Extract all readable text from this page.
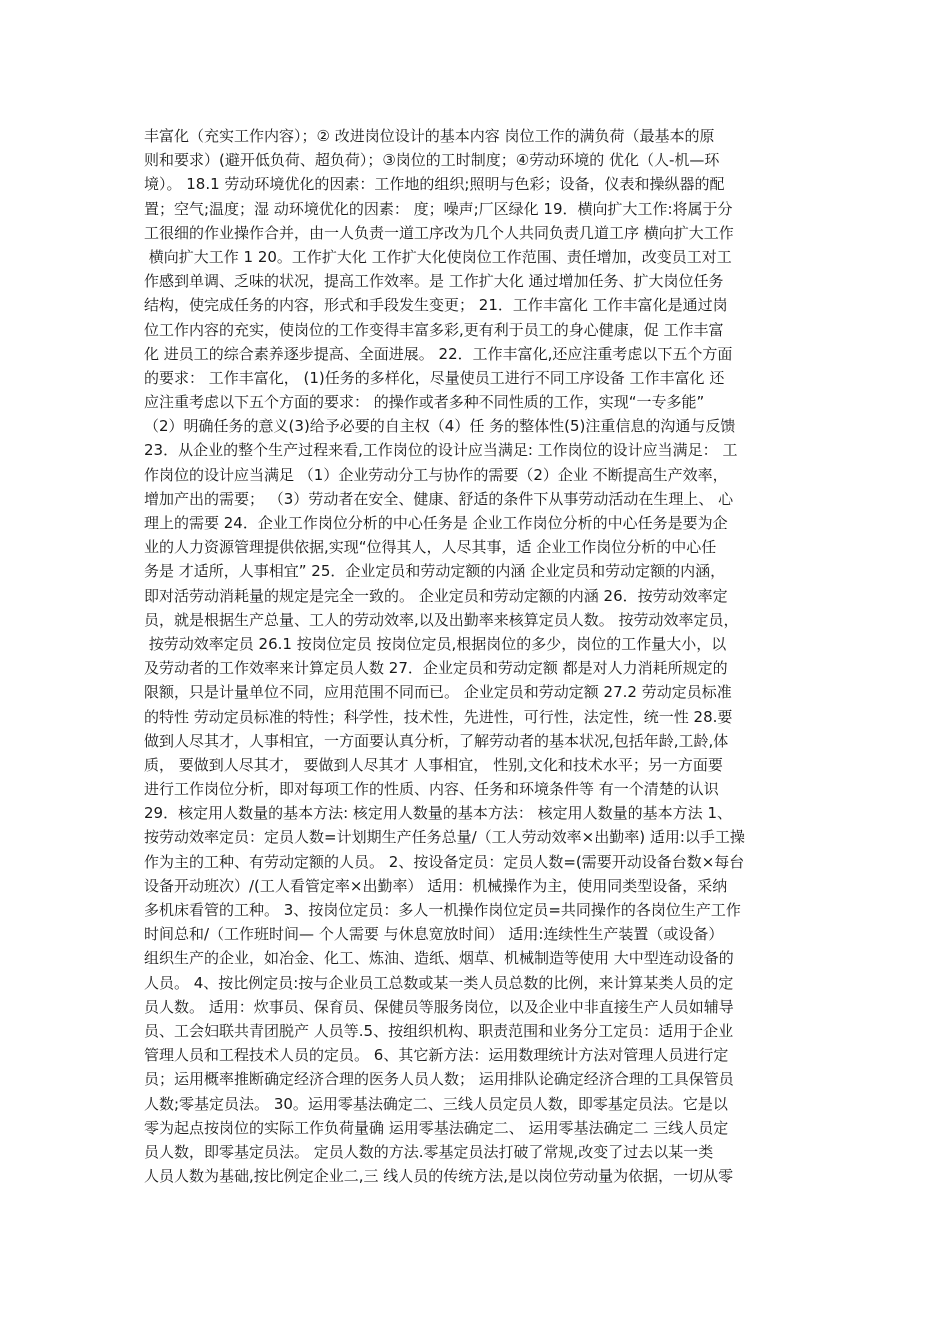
丰富化（充实工作内容）；② 改进岗位设计的基本内容 岗位工作的满负荷（最基本的原
则和要求）(避开低负荷、超负荷）；③岗位的工时制度；④劳动环境的 优化（人-机—环
境）。 18.1 劳动环境优化的因素：工作地的组织;照明与色彩；设备，仪表和操纵器的配
置；空气;温度；湿 动环境优化的因素： 度；噪声;厂区绿化 19．横向扩大工作:将属于分
工很细的作业操作合并，由一人负责一道工序改为几个人共同负责几道工序 横向扩大工作
横向扩大工作 1 20。工作扩大化 工作扩大化使岗位工作范围、责任增加，改变员工对工
作感到单调、乏味的状况，提高工作效率。是 工作扩大化 通过增加任务、扩大岗位任务
结构，使完成任务的内容，形式和手段发生变更； 21．工作丰富化 工作丰富化是通过岗
位工作内容的充实，使岗位的工作变得丰富多彩,更有利于员工的身心健康，促 工作丰富
化 进员工的综合素养逐步提高、全面进展。 22．工作丰富化,还应注重考虑以下五个方面
的要求： 工作丰富化， (1)任务的多样化，尽量使员工进行不同工序设备 工作丰富化 还
应注重考虑以下五个方面的要求： 的操作或者多种不同性质的工作，实现“一专多能”
（2）明确任务的意义(3)给予必要的自主权（4）任 务的整体性(5)注重信息的沟通与反馈
23．从企业的整个生产过程来看,工作岗位的设计应当满足: 工作岗位的设计应当满足： 工
作岗位的设计应当满足 （1）企业劳动分工与协作的需要（2）企业 不断提高生产效率，
增加产出的需要； （3）劳动者在安全、健康、舒适的条件下从事劳动活动在生理上、 心
理上的需要 24．企业工作岗位分析的中心任务是 企业工作岗位分析的中心任务是要为企
业的人力资源管理提供依据,实现“位得其人，人尽其事，适 企业工作岗位分析的中心任
务是 才适所，人事相宜” 25．企业定员和劳动定额的内涵 企业定员和劳动定额的内涵，
即对活劳动消耗量的规定是完全一致的。 企业定员和劳动定额的内涵 26．按劳动效率定
员，就是根据生产总量、工人的劳动效率,以及出勤率来核算定员人数。 按劳动效率定员，
按劳动效率定员 26.1 按岗位定员 按岗位定员,根据岗位的多少，岗位的工作量大小，以
及劳动者的工作效率来计算定员人数 27．企业定员和劳动定额 都是对人力消耗所规定的
限额，只是计量单位不同，应用范围不同而已。 企业定员和劳动定额 27.2 劳动定员标准
的特性 劳动定员标准的特性；科学性，技术性，先进性，可行性，法定性，统一性 28.要
做到人尽其才，人事相宜，一方面要认真分析，了解劳动者的基本状况,包括年龄,工龄,体
质， 要做到人尽其才， 要做到人尽其才 人事相宜， 性别,文化和技术水平；另一方面要
进行工作岗位分析，即对每项工作的性质、内容、任务和环境条件等 有一个清楚的认识
29．核定用人数量的基本方法: 核定用人数量的基本方法： 核定用人数量的基本方法 1、
按劳动效率定员：定员人数=计划期生产任务总量/（工人劳动效率×出勤率) 适用:以手工操
作为主的工种、有劳动定额的人员。 2、按设备定员：定员人数=(需要开动设备台数×每台
设备开动班次）/(工人看管定率×出勤率） 适用：机械操作为主，使用同类型设备，采纳
多机床看管的工种。 3、按岗位定员：多人一机操作岗位定员=共同操作的各岗位生产工作
时间总和/（工作班时间— 个人需要 与休息宽放时间） 适用:连续性生产装置（或设备）
组织生产的企业，如冶金、化工、炼油、造纸、烟草、机械制造等使用 大中型连动设备的
人员。 4、按比例定员:按与企业员工总数或某一类人员总数的比例，来计算某类人员的定
员人数。 适用：炊事员、保育员、保健员等服务岗位，以及企业中非直接生产人员如辅导
员、工会妇联共青团脱产 人员等.5、按组织机构、职责范围和业务分工定员：适用于企业
管理人员和工程技术人员的定员。 6、其它新方法：运用数理统计方法对管理人员进行定
员；运用概率推断确定经济合理的医务人员人数； 运用排队论确定经济合理的工具保管员
人数;零基定员法。 30。运用零基法确定二、三线人员定员人数，即零基定员法。它是以
零为起点按岗位的实际工作负荷量确 运用零基法确定二、 运用零基法确定二 三线人员定
员人数，即零基定员法。 定员人数的方法.零基定员法打破了常规,改变了过去以某一类
人员人数为基础,按比例定企业二,三 线人员的传统方法,是以岗位劳动量为依据，一切从零
